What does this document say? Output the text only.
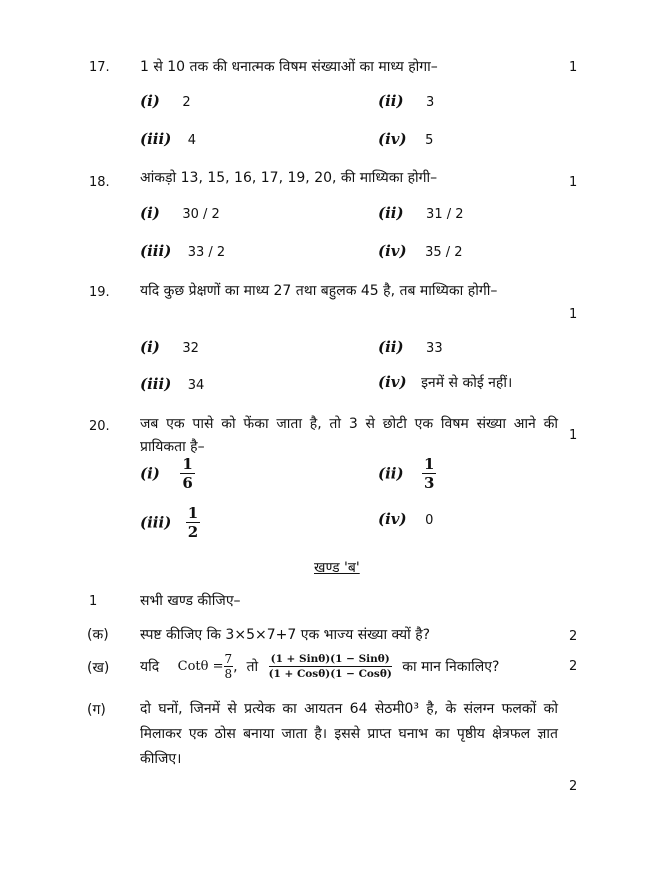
17. 1 से 10 तक की धनात्मक विषम संख्याओं का माध्य होगा–	1
(i) 2	(ii) 3
(iii) 4	(iv) 5
18. आंकड़ो 13, 15, 16, 17, 19, 20, की माध्यिका होगी–	1
(i) 30 / 2	(ii) 31 / 2
(iii) 33 / 2	(iv) 35 / 2
19. यदि कुछ प्रेक्षणों का माध्य 27 तथा बहुलक 45 है, तब माध्यिका होगी–
1
(i) 32	(ii) 33
(iii) 34	(iv) इनमें से कोई नहीं।
20. जब एक पासे को फेंका जाता है, तो 3 से छोटी एक विषम संख्या आने की प्रायिकता है–
1
$(i) \frac{1}{6}$	$(ii) \frac{1}{3}$
$(iii) \frac{1}{2}$	(iv) 0
खण्ड 'ब'
1	सभी खण्ड कीजिए–
(क) स्पष्ट कीजिए कि 3×5×7+7 एक भाज्य संख्या क्यों है?	2
(ख) यदि $Cot\theta = \frac{7}{8}$ ,  तो (1 + Sinθ)(1 − Sinθ)
(1 + Cosθ)(1 − Cosθ) का मान निकालिए?	2
(ग) दो घनों, जिनमें से प्रत्येक का आयतन 64 सेठमी0³ है, के संलग्न फलकों को मिलाकर एक ठोस बनाया जाता है। इससे प्राप्त घनाभ का पृष्ठीय क्षेत्रफल ज्ञात कीजिए।
2
